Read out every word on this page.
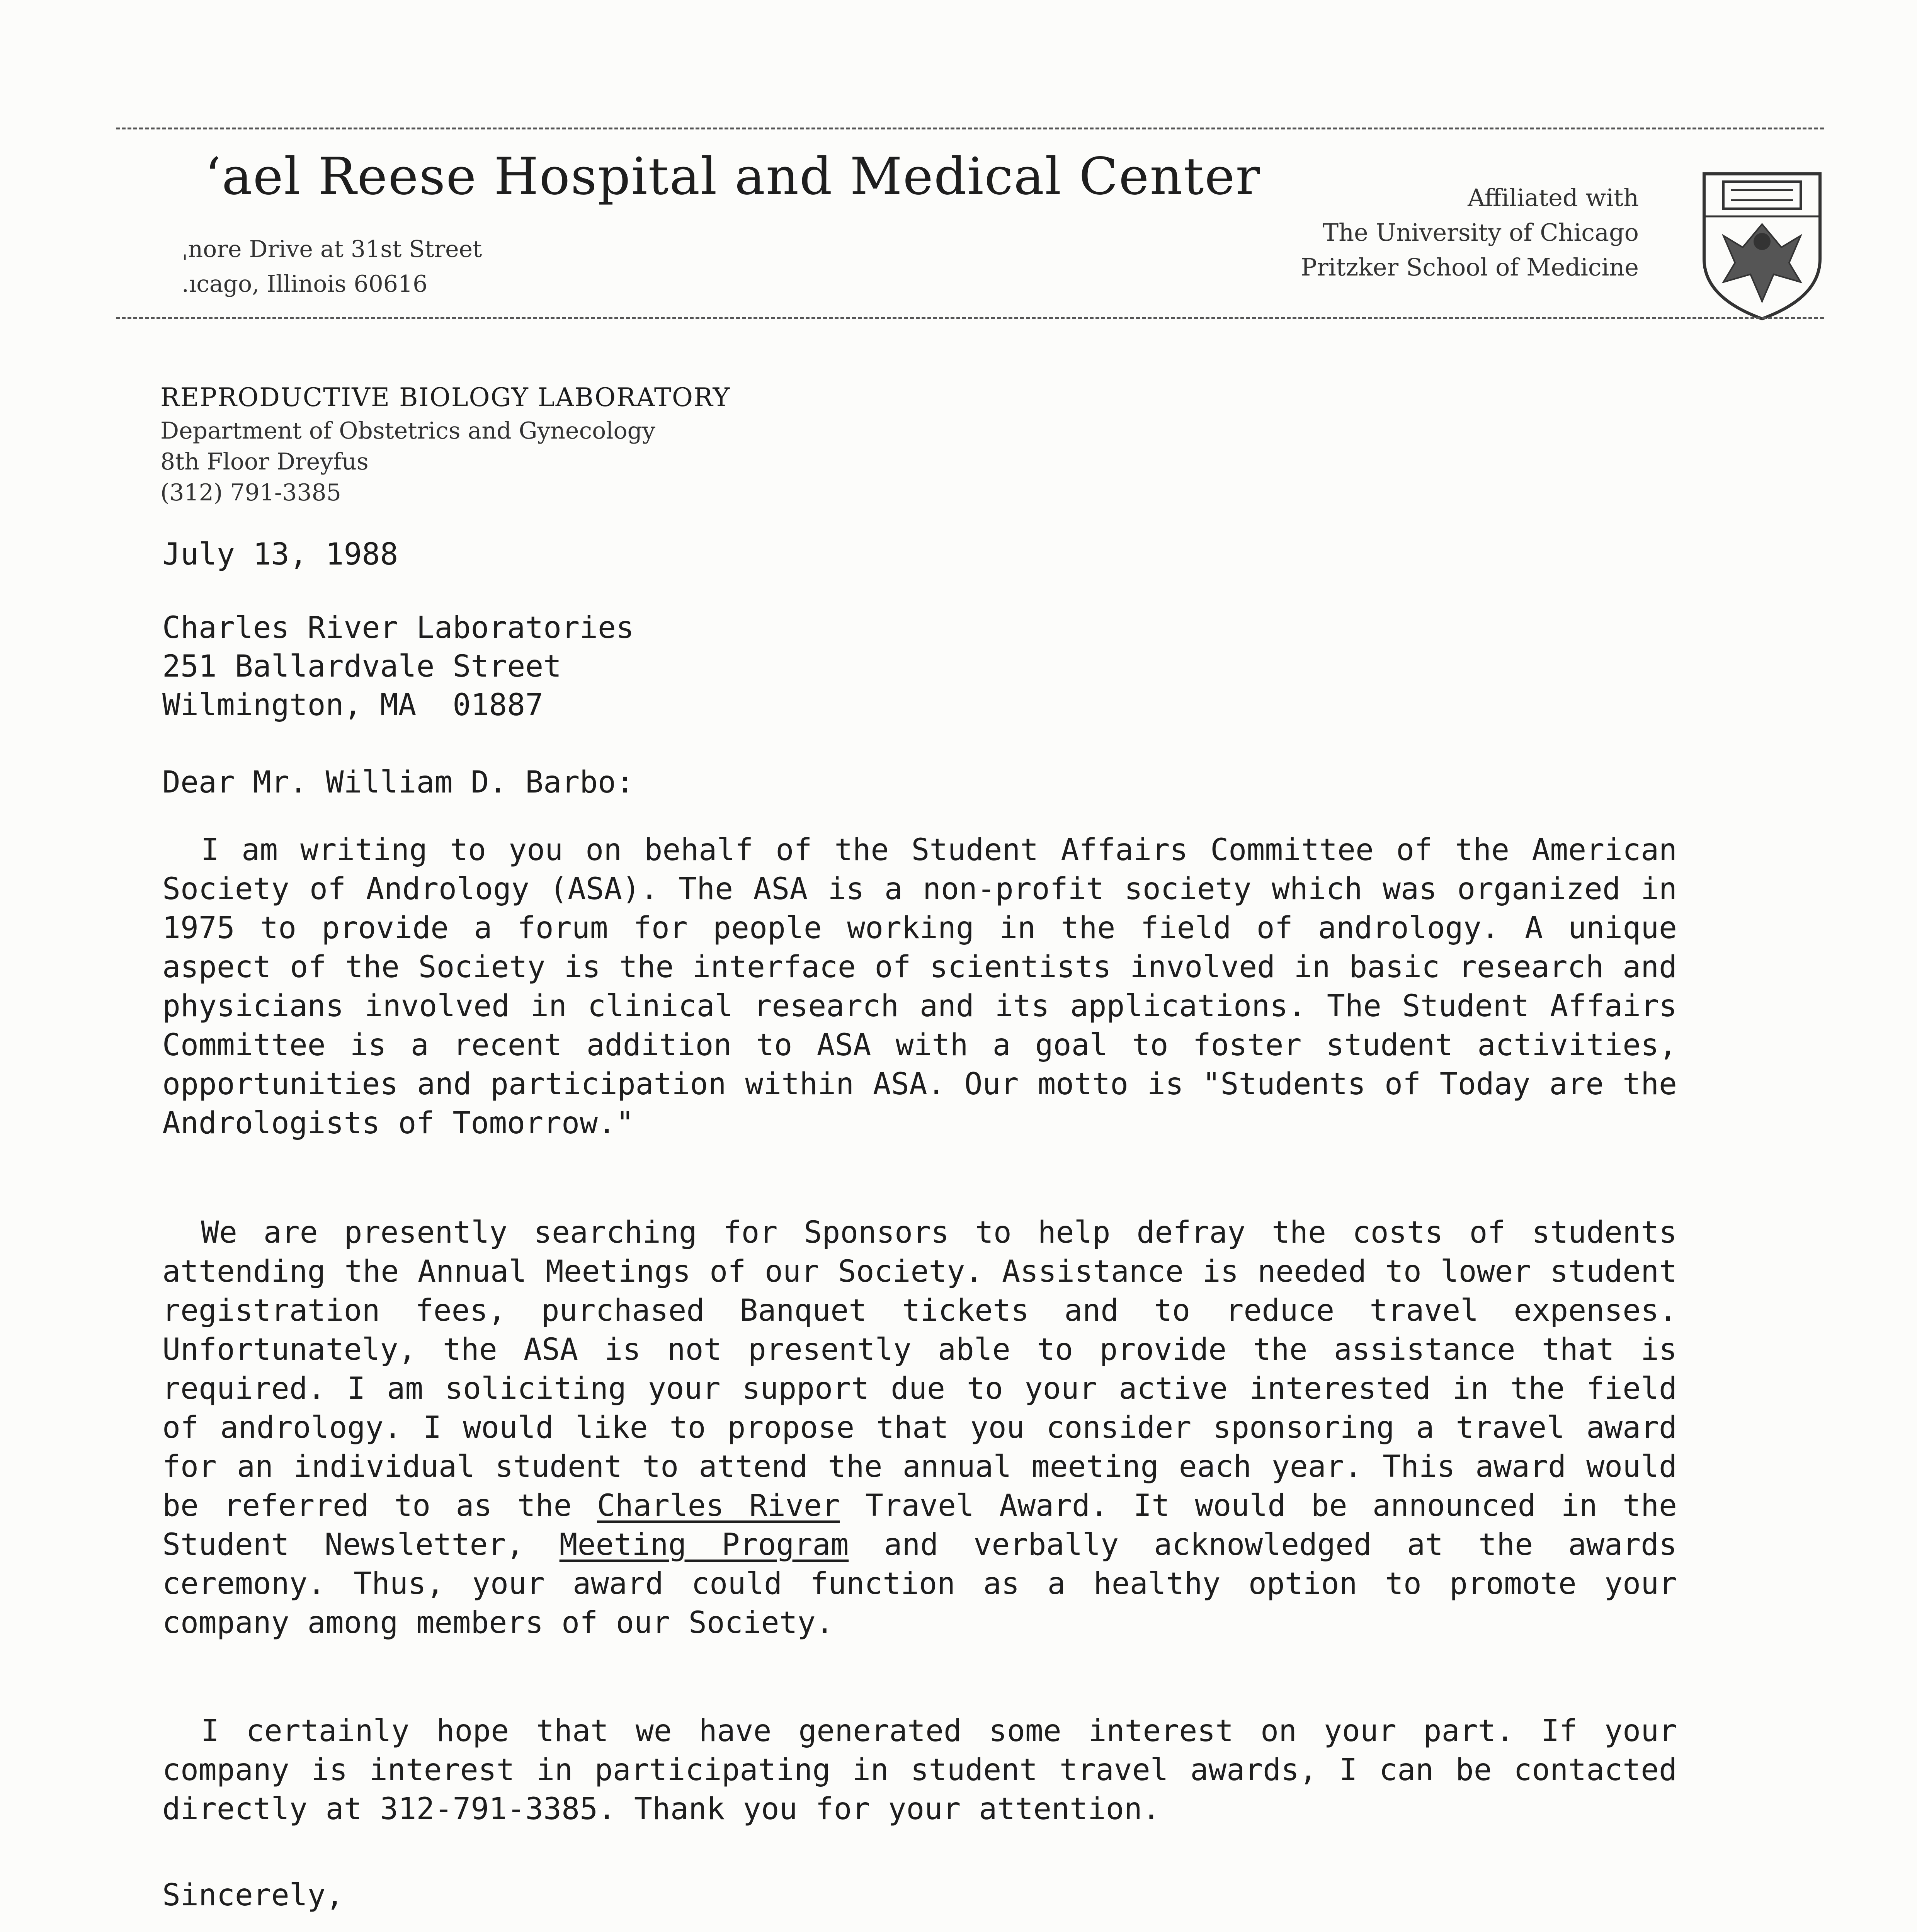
ʻael Reese Hospital and Medical Center
ˌnore Drive at 31st Street
.ıcago, Illinois 60616
Affiliated with
The University of Chicago
Pritzker School of Medicine
REPRODUCTIVE BIOLOGY LABORATORY
Department of Obstetrics and Gynecology
8th Floor Dreyfus
(312) 791-3385
July 13, 1988
Charles River Laboratories
251 Ballardvale Street
Wilmington, MA  01887
Dear Mr. William D. Barbo:

I am writing to you on behalf of the Student Affairs Committee of the American Society of Andrology (ASA). The ASA is a non-profit society which was organized in 1975 to provide a forum for people working in the field of andrology. A unique aspect of the Society is the interface of scientists involved in basic research and physicians involved in clinical research and its applications. The Student Affairs Committee is a recent addition to ASA with a goal to foster student activities, opportunities and participation within ASA. Our motto is "Students of Today are the Andrologists of Tomorrow."

We are presently searching for Sponsors to help defray the costs of students attending the Annual Meetings of our Society. Assistance is needed to lower student registration fees, purchased Banquet tickets and to reduce travel expenses. Unfortunately, the ASA is not presently able to provide the assistance that is required. I am soliciting your support due to your active interested in the field of andrology. I would like to propose that you consider sponsoring a travel award for an individual student to attend the annual meeting each year. This award would be referred to as the Charles River Travel Award. It would be announced in the Student Newsletter, Meeting Program and verbally acknowledged at the awards ceremony. Thus, your award could function as a healthy option to promote your company among members of our Society.

I certainly hope that we have generated some interest on your part. If your company is interest in participating in student travel awards, I can be contacted directly at 312-791-3385. Thank you for your attention.

Sincerely,
